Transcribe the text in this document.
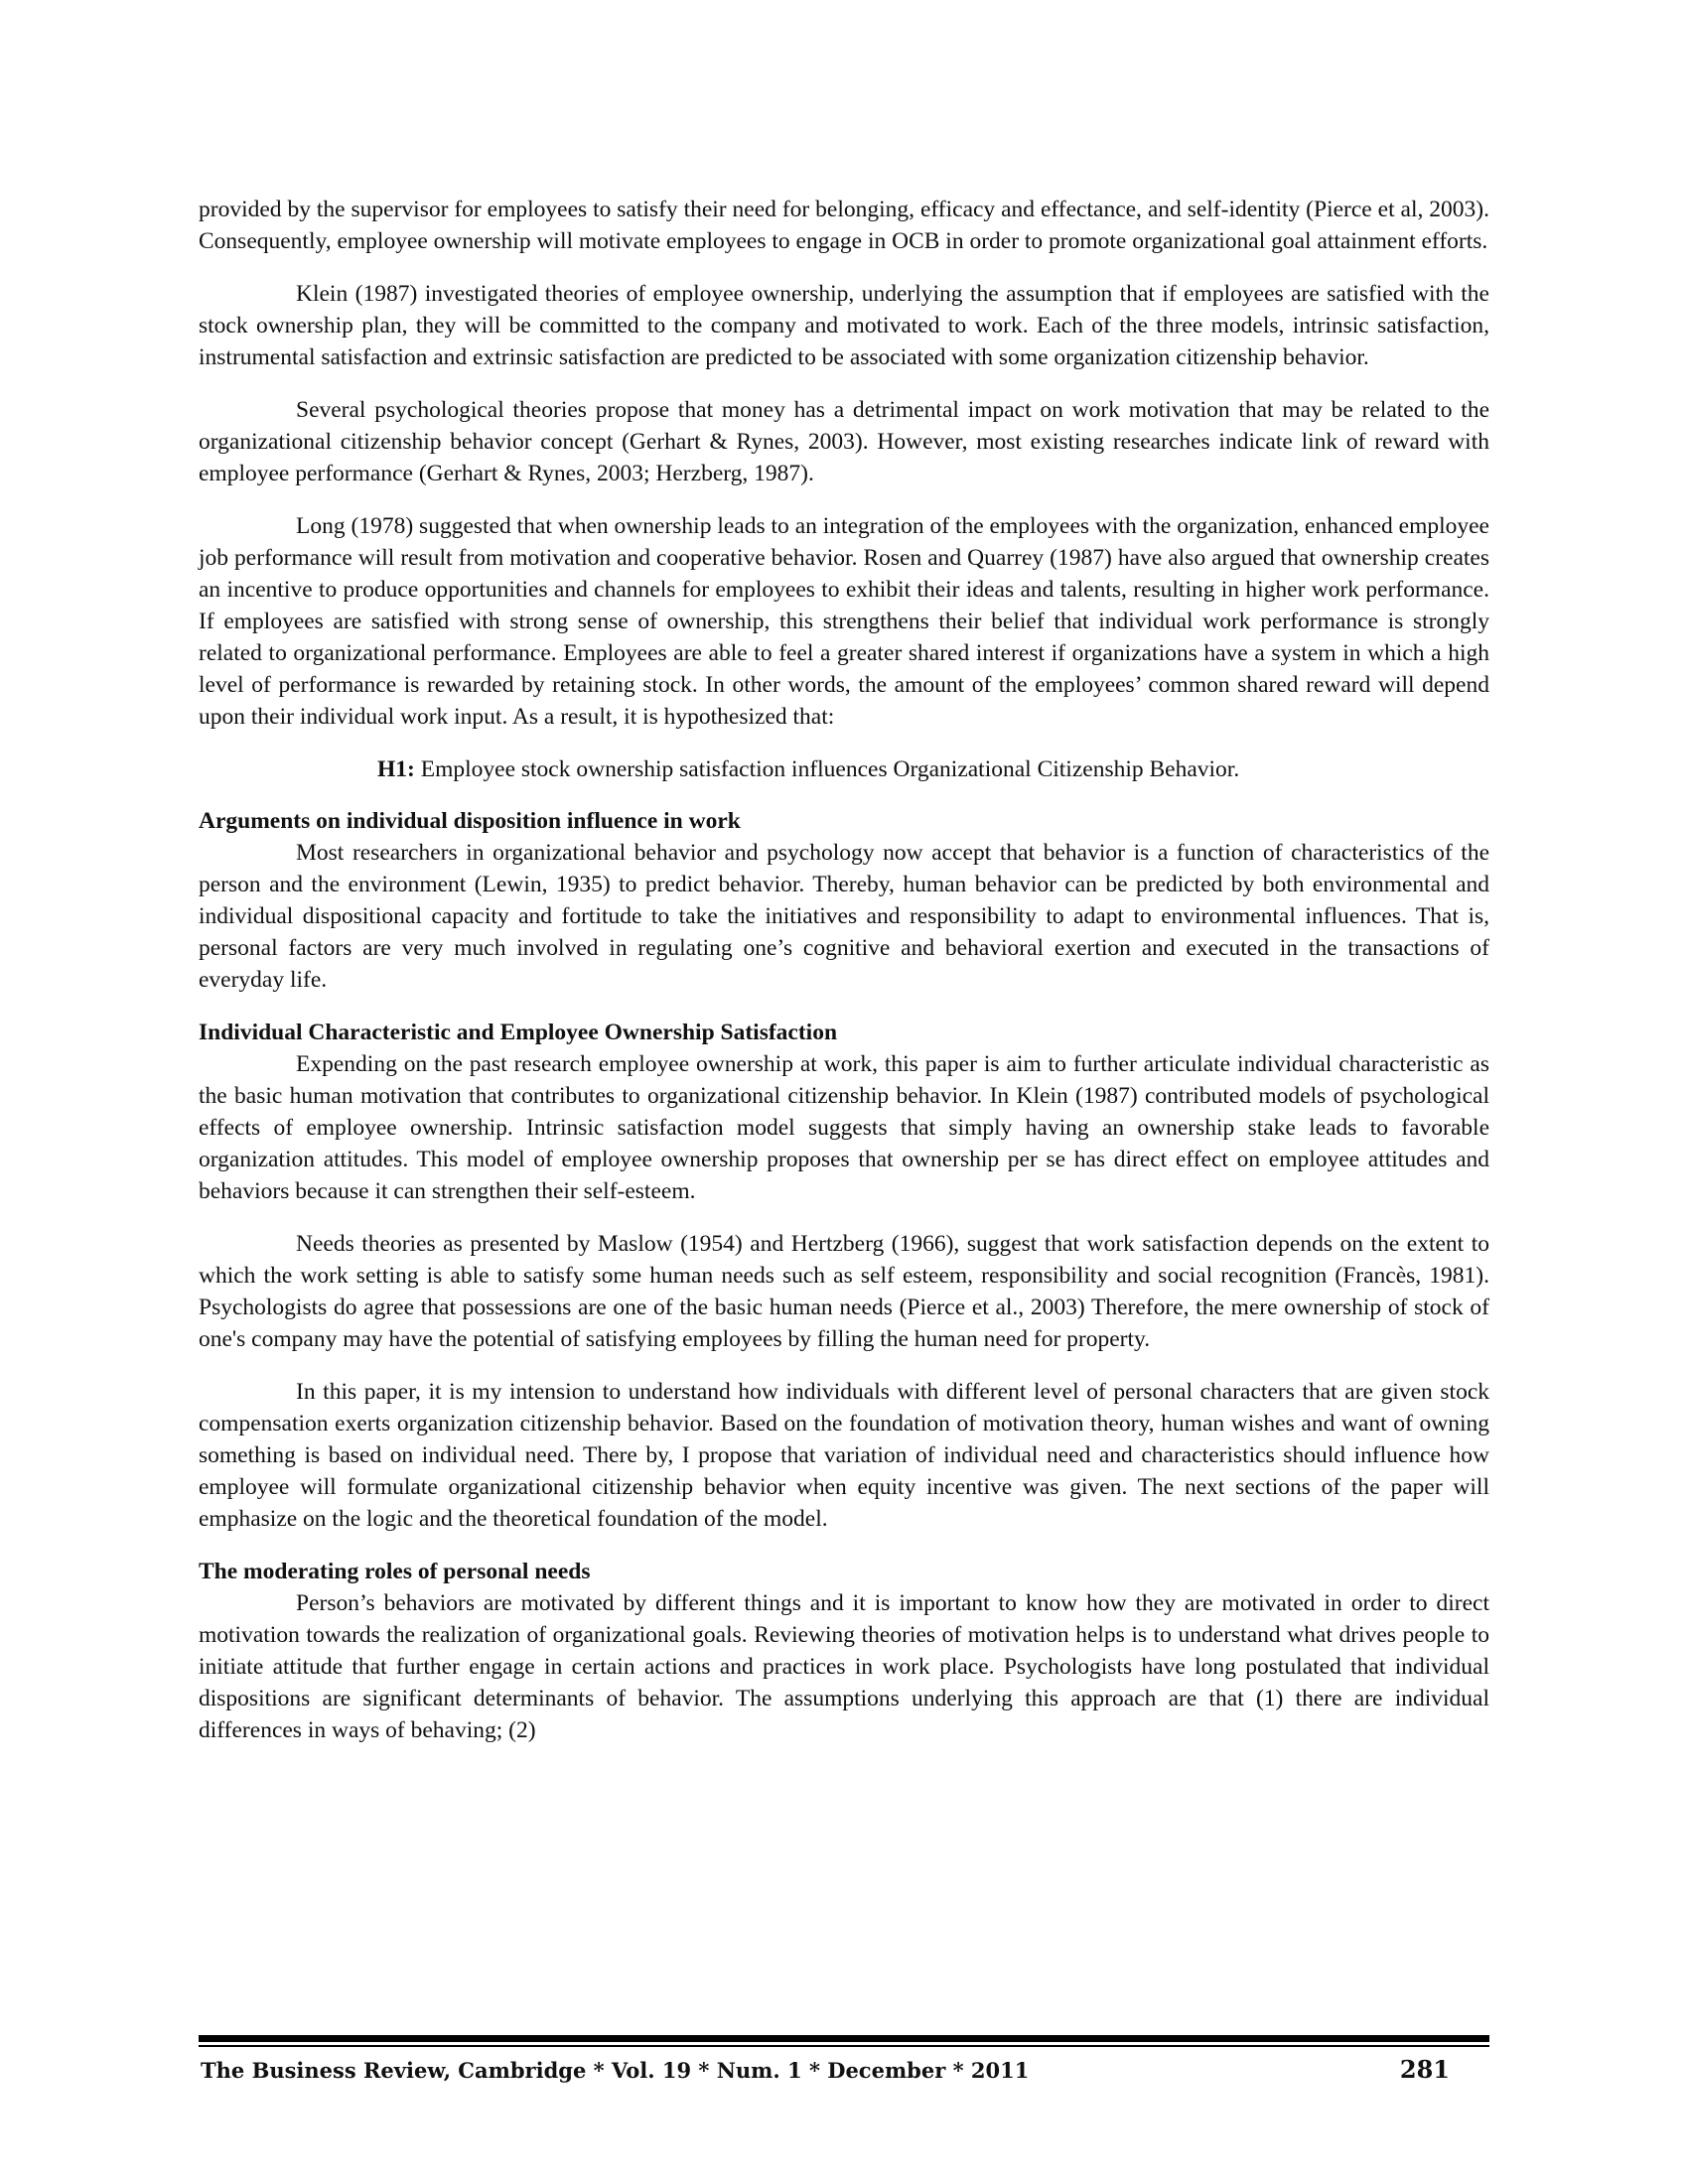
provided by the supervisor for employees to satisfy their need for belonging, efficacy and effectance, and self-identity (Pierce et al, 2003). Consequently, employee ownership will motivate employees to engage in OCB in order to promote organizational goal attainment efforts.

Klein (1987) investigated theories of employee ownership, underlying the assumption that if employees are satisfied with the stock ownership plan, they will be committed to the company and motivated to work. Each of the three models, intrinsic satisfaction, instrumental satisfaction and extrinsic satisfaction are predicted to be associated with some organization citizenship behavior.

Several psychological theories propose that money has a detrimental impact on work motivation that may be related to the organizational citizenship behavior concept (Gerhart & Rynes, 2003). However, most existing researches indicate link of reward with employee performance (Gerhart & Rynes, 2003; Herzberg, 1987).

Long (1978) suggested that when ownership leads to an integration of the employees with the organization, enhanced employee job performance will result from motivation and cooperative behavior. Rosen and Quarrey (1987) have also argued that ownership creates an incentive to produce opportunities and channels for employees to exhibit their ideas and talents, resulting in higher work performance. If employees are satisfied with strong sense of ownership, this strengthens their belief that individual work performance is strongly related to organizational performance. Employees are able to feel a greater shared interest if organizations have a system in which a high level of performance is rewarded by retaining stock. In other words, the amount of the employees’ common shared reward will depend upon their individual work input. As a result, it is hypothesized that:

H1: Employee stock ownership satisfaction influences Organizational Citizenship Behavior.

Arguments on individual disposition influence in work

Most researchers in organizational behavior and psychology now accept that behavior is a function of characteristics of the person and the environment (Lewin, 1935) to predict behavior. Thereby, human behavior can be predicted by both environmental and individual dispositional capacity and fortitude to take the initiatives and responsibility to adapt to environmental influences. That is, personal factors are very much involved in regulating one’s cognitive and behavioral exertion and executed in the transactions of everyday life.

Individual Characteristic and Employee Ownership Satisfaction

Expending on the past research employee ownership at work, this paper is aim to further articulate individual characteristic as the basic human motivation that contributes to organizational citizenship behavior. In Klein (1987) contributed models of psychological effects of employee ownership. Intrinsic satisfaction model suggests that simply having an ownership stake leads to favorable organization attitudes. This model of employee ownership proposes that ownership per se has direct effect on employee attitudes and behaviors because it can strengthen their self-esteem.

Needs theories as presented by Maslow (1954) and Hertzberg (1966), suggest that work satisfaction depends on the extent to which the work setting is able to satisfy some human needs such as self esteem, responsibility and social recognition (Francès, 1981). Psychologists do agree that possessions are one of the basic human needs (Pierce et al., 2003) Therefore, the mere ownership of stock of one's company may have the potential of satisfying employees by filling the human need for property.

In this paper, it is my intension to understand how individuals with different level of personal characters that are given stock compensation exerts organization citizenship behavior. Based on the foundation of motivation theory, human wishes and want of owning something is based on individual need. There by, I propose that variation of individual need and characteristics should influence how employee will formulate organizational citizenship behavior when equity incentive was given. The next sections of the paper will emphasize on the logic and the theoretical foundation of the model.

The moderating roles of personal needs

Person’s behaviors are motivated by different things and it is important to know how they are motivated in order to direct motivation towards the realization of organizational goals. Reviewing theories of motivation helps is to understand what drives people to initiate attitude that further engage in certain actions and practices in work place. Psychologists have long postulated that individual dispositions are significant determinants of behavior. The assumptions underlying this approach are that (1) there are individual differences in ways of behaving; (2)

The Business Review, Cambridge * Vol. 19 * Num. 1 * December * 2011	281
